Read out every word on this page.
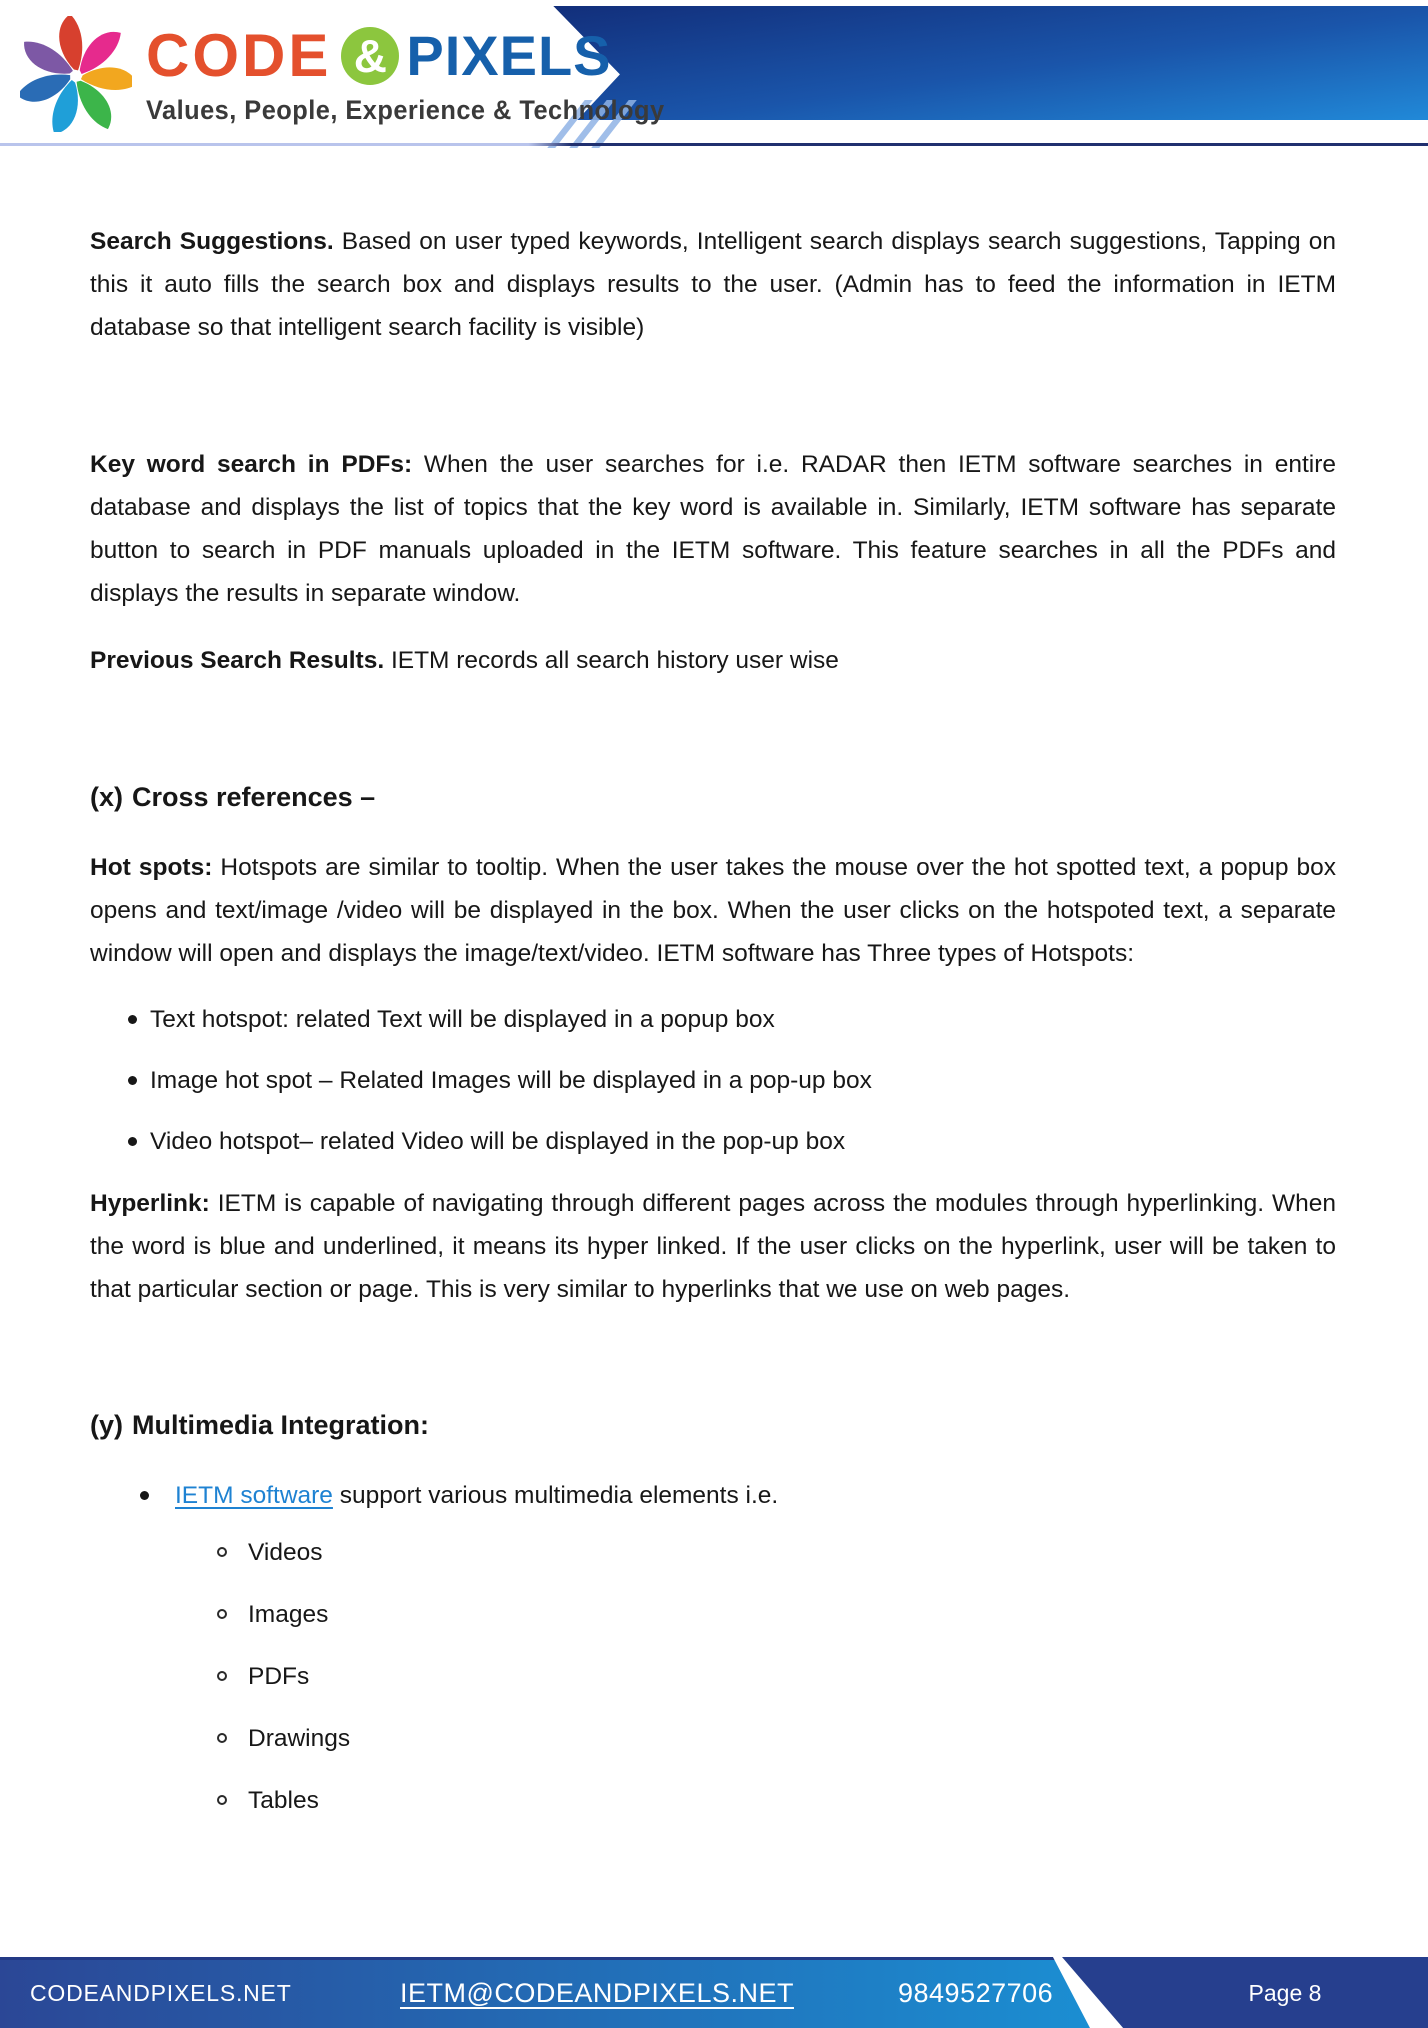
CODE & PIXELS
Values, People, Experience & Technology

Search Suggestions. Based on user typed keywords, Intelligent search displays search suggestions, Tapping on this it auto fills the search box and displays results to the user. (Admin has to feed the information in IETM database so that intelligent search facility is visible)

Key word search in PDFs: When the user searches for i.e. RADAR then IETM software searches in entire database and displays the list of topics that the key word is available in. Similarly, IETM software has separate button to search in PDF manuals uploaded in the IETM software. This feature searches in all the PDFs and displays the results in separate window.

Previous Search Results. IETM records all search history user wise

(x) Cross references –

Hot spots: Hotspots are similar to tooltip. When the user takes the mouse over the hot spotted text, a popup box opens and text/image /video will be displayed in the box. When the user clicks on the hotspoted text, a separate window will open and displays the image/text/video. IETM software has Three types of Hotspots:

Text hotspot: related Text will be displayed in a popup box
Image hot spot – Related Images will be displayed in a pop-up box
Video hotspot– related Video will be displayed in the pop-up box

Hyperlink: IETM is capable of navigating through different pages across the modules through hyperlinking. When the word is blue and underlined, it means its hyper linked. If the user clicks on the hyperlink, user will be taken to that particular section or page. This is very similar to hyperlinks that we use on web pages.

(y) Multimedia Integration:
IETM software support various multimedia elements i.e.
Videos
Images
PDFs
Drawings
Tables
CODEANDPIXELS.NET	IETM@CODEANDPIXELS.NET	9849527706	Page 8
